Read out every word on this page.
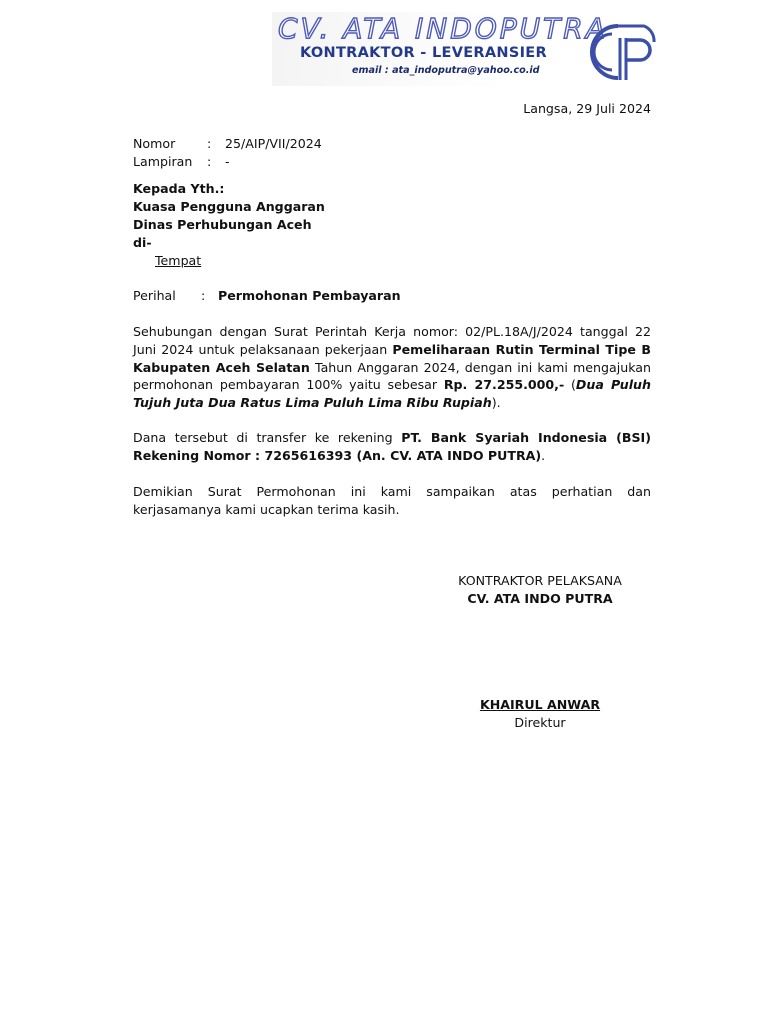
CV. ATA INDOPUTRA
KONTRAKTOR - LEVERANSIER
email : ata_indoputra@yahoo.co.id
Langsa, 29 Juli 2024
Nomor	: 25/AIP/VII/2024
Lampiran : -
Kepada Yth.:
Kuasa Pengguna Anggaran
Dinas Perhubungan Aceh
di-
Tempat
Perihal : Permohonan Pembayaran
Sehubungan dengan Surat Perintah Kerja nomor: 02/PL.18A/J/2024 tanggal 22 Juni 2024 untuk pelaksanaan pekerjaan Pemeliharaan Rutin Terminal Tipe B Kabupaten Aceh Selatan Tahun Anggaran 2024, dengan ini kami mengajukan permohonan pembayaran 100% yaitu sebesar Rp. 27.255.000,- (Dua Puluh Tujuh Juta Dua Ratus Lima Puluh Lima Ribu Rupiah).
Dana tersebut di transfer ke rekening PT. Bank Syariah Indonesia (BSI) Rekening Nomor : 7265616393 (An. CV. ATA INDO PUTRA).
Demikian Surat Permohonan ini kami sampaikan atas perhatian dan kerjasamanya kami ucapkan terima kasih.
KONTRAKTOR PELAKSANA
CV. ATA INDO PUTRA
KHAIRUL ANWAR
Direktur
